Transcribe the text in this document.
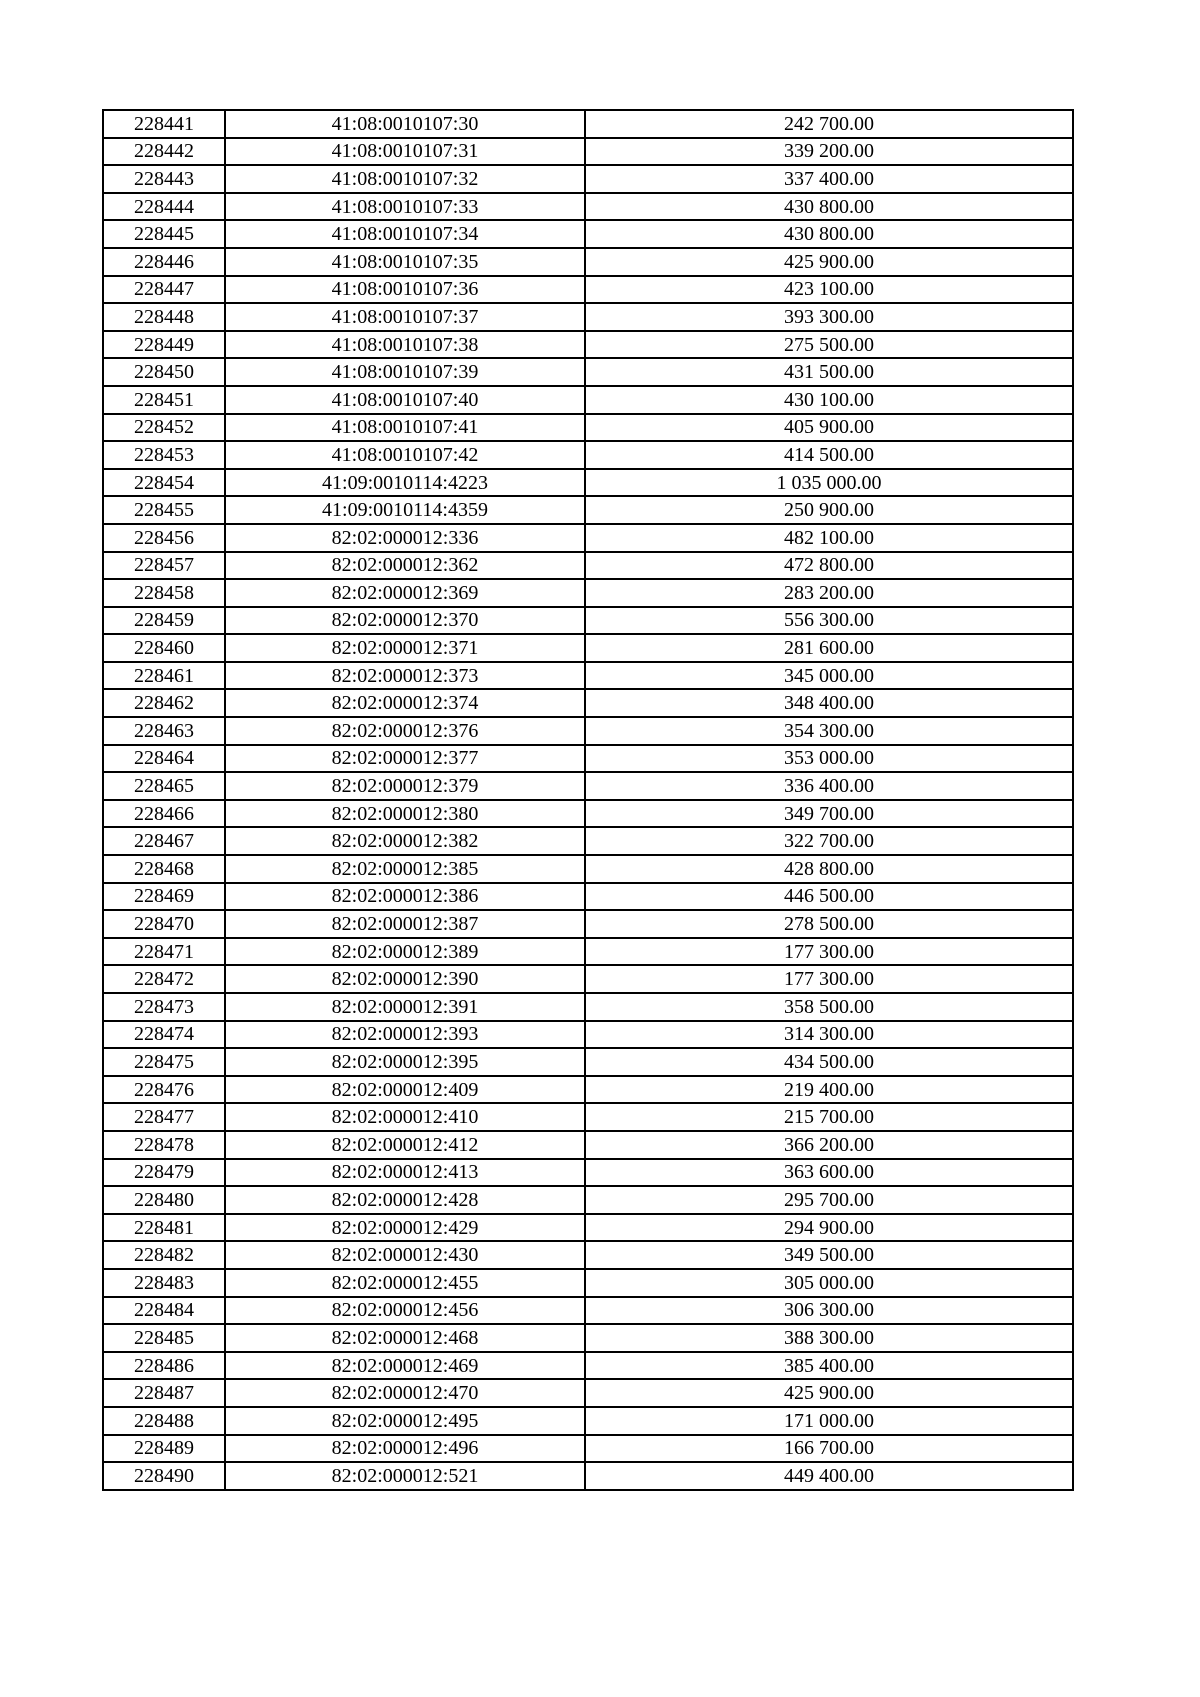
228441	41:08:0010107:30	242 700.00
228442	41:08:0010107:31	339 200.00
228443	41:08:0010107:32	337 400.00
228444	41:08:0010107:33	430 800.00
228445	41:08:0010107:34	430 800.00
228446	41:08:0010107:35	425 900.00
228447	41:08:0010107:36	423 100.00
228448	41:08:0010107:37	393 300.00
228449	41:08:0010107:38	275 500.00
228450	41:08:0010107:39	431 500.00
228451	41:08:0010107:40	430 100.00
228452	41:08:0010107:41	405 900.00
228453	41:08:0010107:42	414 500.00
228454	41:09:0010114:4223	1 035 000.00
228455	41:09:0010114:4359	250 900.00
228456	82:02:000012:336	482 100.00
228457	82:02:000012:362	472 800.00
228458	82:02:000012:369	283 200.00
228459	82:02:000012:370	556 300.00
228460	82:02:000012:371	281 600.00
228461	82:02:000012:373	345 000.00
228462	82:02:000012:374	348 400.00
228463	82:02:000012:376	354 300.00
228464	82:02:000012:377	353 000.00
228465	82:02:000012:379	336 400.00
228466	82:02:000012:380	349 700.00
228467	82:02:000012:382	322 700.00
228468	82:02:000012:385	428 800.00
228469	82:02:000012:386	446 500.00
228470	82:02:000012:387	278 500.00
228471	82:02:000012:389	177 300.00
228472	82:02:000012:390	177 300.00
228473	82:02:000012:391	358 500.00
228474	82:02:000012:393	314 300.00
228475	82:02:000012:395	434 500.00
228476	82:02:000012:409	219 400.00
228477	82:02:000012:410	215 700.00
228478	82:02:000012:412	366 200.00
228479	82:02:000012:413	363 600.00
228480	82:02:000012:428	295 700.00
228481	82:02:000012:429	294 900.00
228482	82:02:000012:430	349 500.00
228483	82:02:000012:455	305 000.00
228484	82:02:000012:456	306 300.00
228485	82:02:000012:468	388 300.00
228486	82:02:000012:469	385 400.00
228487	82:02:000012:470	425 900.00
228488	82:02:000012:495	171 000.00
228489	82:02:000012:496	166 700.00
228490	82:02:000012:521	449 400.00
